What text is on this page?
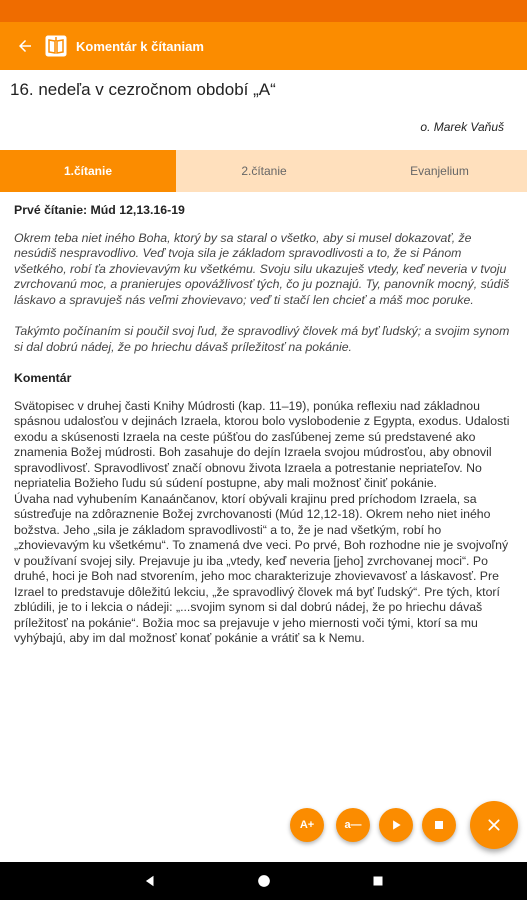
Komentár k čítaniam
16. nedeľa v cezročnom období „A“
o. Marek Vaňuš
1.čítanie	2.čítanie	Evanjelium
Prvé čítanie: Múd 12,13.16-19
Okrem teba niet iného Boha, ktorý by sa staral o všetko, aby si musel dokazovať, že nesúdiš nespravodlivo. Veď tvoja sila je základom spravodlivosti a to, že si Pánom všetkého, robí ťa zhovievavým ku všetkému. Svoju silu ukazuješ vtedy, keď neveria v tvoju zvrchovanú moc, a pranierujes opovážlivosť tých, čo ju poznajú. Ty, panovník mocný, súdiš láskavo a spravuješ nás veľmi zhovievavo; veď ti stačí len chcieť a máš moc poruke.
Takýmto počínaním si poučil svoj ľud, že spravodlivý človek má byť ľudský; a svojim synom si dal dobrú nádej, že po hriechu dávaš príležitosť na pokánie.
Komentár
Svätopisec v druhej časti Knihy Múdrosti (kap. 11–19), ponúka reflexiu nad základnou spásnou udalosťou v dejinách Izraela, ktorou bolo vyslobodenie z Egypta, exodus. Udalosti exodu a skúsenosti Izraela na ceste púšťou do zasľúbenej zeme sú predstavené ako znamenia Božej múdrosti. Boh zasahuje do dejín Izraela svojou múdrosťou, aby obnovil spravodlivosť. Spravodlivosť značí obnovu života Izraela a potrestanie nepriateľov. No nepriatelia Božieho ľudu sú súdení postupne, aby mali možnosť činiť pokánie.
Úvaha nad vyhubením Kanaánčanov, ktorí obývali krajinu pred príchodom Izraela, sa sústreďuje na zdôraznenie Božej zvrchovanosti (Múd 12,12-18). Okrem neho niet iného božstva. Jeho „sila je základom spravodlivosti“ a to, že je nad všetkým, robí ho „zhovievavým ku všetkému“. To znamená dve veci. Po prvé, Boh rozhodne nie je svojvoľný v používaní svojej sily. Prejavuje ju iba „vtedy, keď neveria [jeho] zvrchovanej moci“. Po druhé, hoci je Boh nad stvorením, jeho moc charakterizuje zhovievavosť a láskavosť. Pre Izrael to predstavuje dôležitú lekciu, „že spravodlivý človek má byť ľudský“. Pre tých, ktorí zblúdili, je to i lekcia o nádeji: „...svojim synom si dal dobrú nádej, že po hriechu dávaš príležitosť na pokánie“. Božia moc sa prejavuje v jeho miernosti voči tými, ktorí sa mu vyhýbajú, aby im dal možnosť konať pokánie a vrátiť sa k Nemu.
A+	a—
